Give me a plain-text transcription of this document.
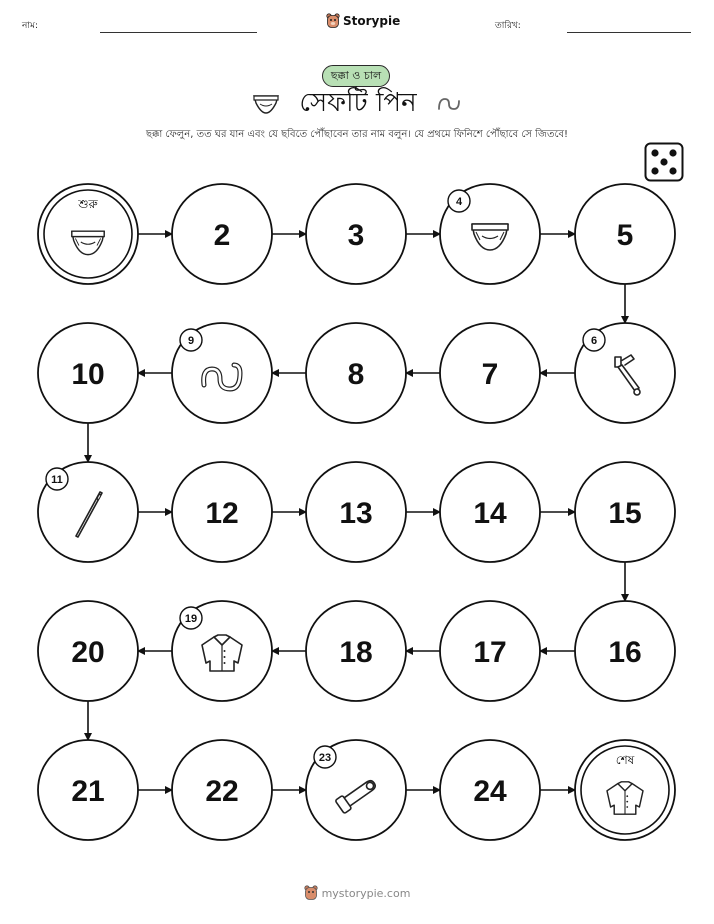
নাম:	Storypie	তারিখ:
ছক্কা ও চাল
সেফটি পিন
ছক্কা ফেলুন, তত ঘর যান এবং যে ছবিতে পৌঁছাবেন তার নাম বলুন। যে প্রথমে ফিনিশে পৌঁছাবে সে জিতবে!
শুরু
2	3
4
5
6
7
8
9
10
11
12	13	14	15
16
17
18
19
20
21	22
23
24
শেষ
mystorypie.com
